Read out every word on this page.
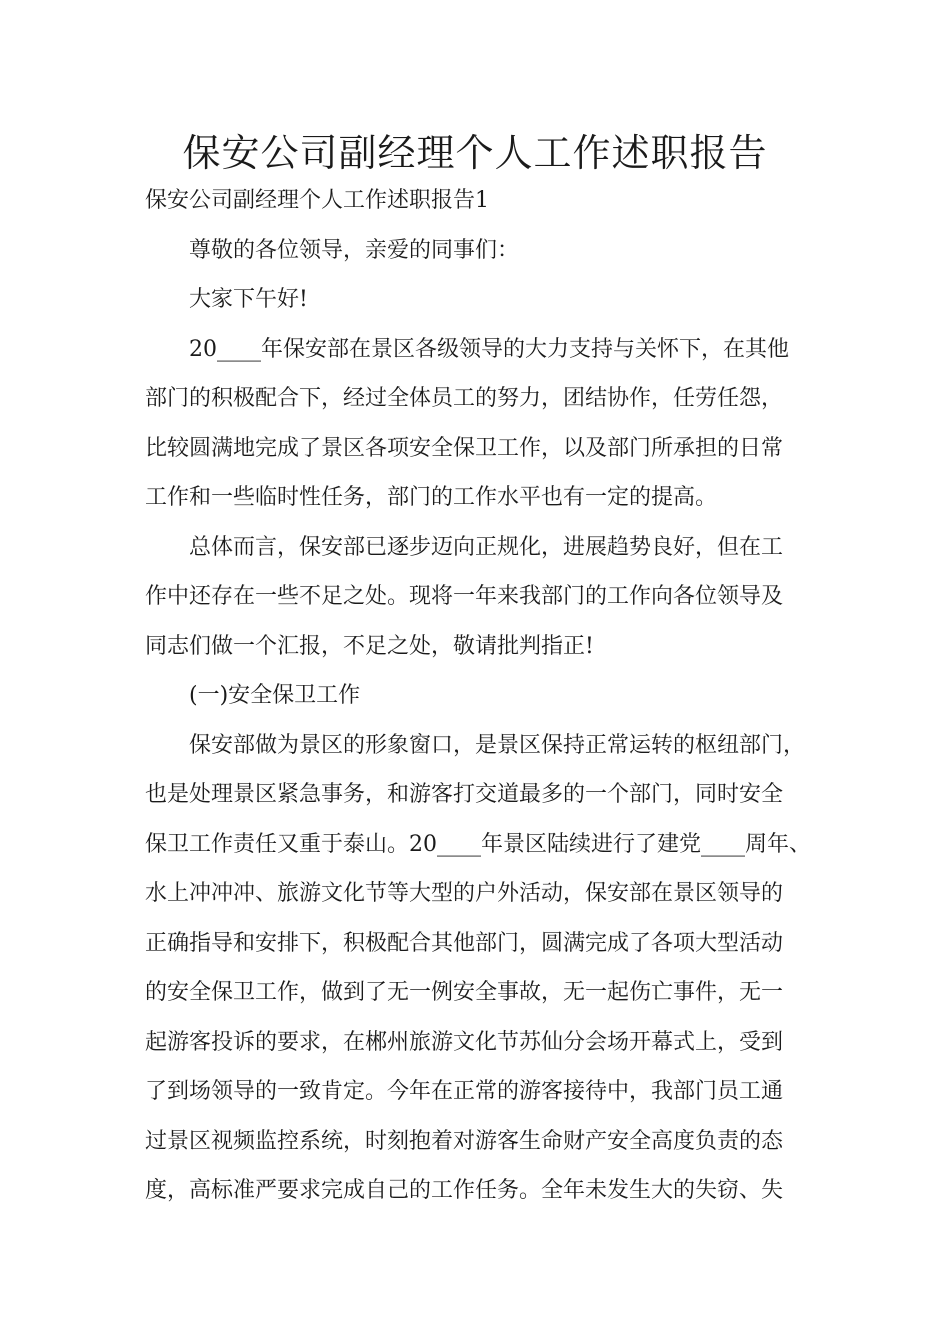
保安公司副经理个人工作述职报告

保安公司副经理个人工作述职报告1

尊敬的各位领导，亲爱的同事们：

大家下午好!

20____年保安部在景区各级领导的大力支持与关怀下，在其他
部门的积极配合下，经过全体员工的努力，团结协作，任劳任怨，
比较圆满地完成了景区各项安全保卫工作，以及部门所承担的日常
工作和一些临时性任务，部门的工作水平也有一定的提高。

总体而言，保安部已逐步迈向正规化，进展趋势良好，但在工
作中还存在一些不足之处。现将一年来我部门的工作向各位领导及
同志们做一个汇报，不足之处，敬请批判指正!

(一)安全保卫工作

保安部做为景区的形象窗口，是景区保持正常运转的枢纽部门，
也是处理景区紧急事务，和游客打交道最多的一个部门，同时安全
保卫工作责任又重于泰山。20____年景区陆续进行了建党____周年、
水上冲冲冲、旅游文化节等大型的户外活动，保安部在景区领导的
正确指导和安排下，积极配合其他部门，圆满完成了各项大型活动
的安全保卫工作，做到了无一例安全事故，无一起伤亡事件，无一
起游客投诉的要求，在郴州旅游文化节苏仙分会场开幕式上，受到
了到场领导的一致肯定。今年在正常的游客接待中，我部门员工通
过景区视频监控系统，时刻抱着对游客生命财产安全高度负责的态
度，高标准严要求完成自己的工作任务。全年未发生大的失窃、失
